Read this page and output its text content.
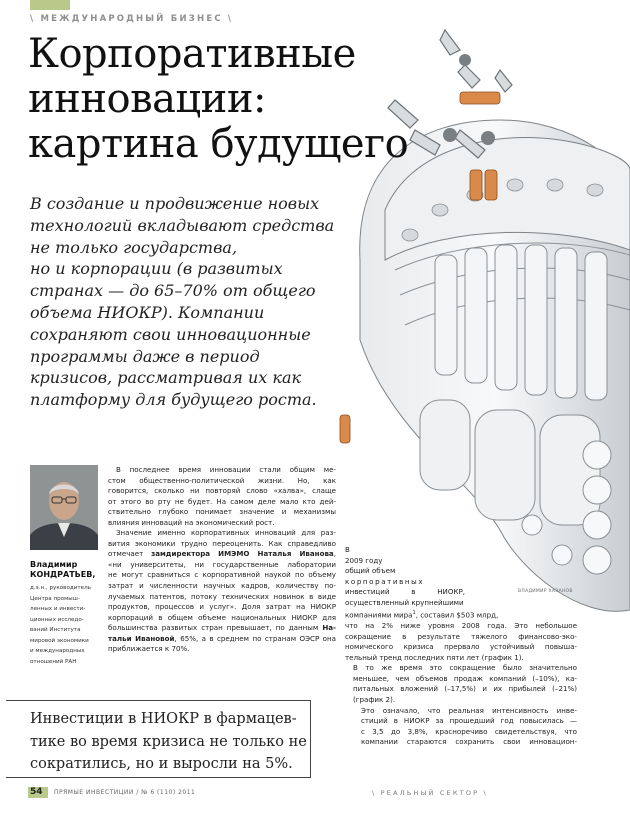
\ МЕЖДУНАРОДНЫЙ БИЗНЕС \
ВЛАДИМИР ХАЗАНОВ
Корпоративные
инновации:
картина будущего
В создание и продвижение новых
технологий вкладывают средства
не только государства,
но и корпорации (в развитых
странах — до 65–70% от общего
объема НИОКР). Компании
сохраняют свои инновационные
программы даже в период
кризисов, рассматривая их как
платформу для будущего роста.
Владимир
КОНДРАТЬЕВ,
д.э.н., руководитель
Центра промыш-
ленных и инвести-
ционных исследо-
ваний Института
мировой экономики
и международных
отношений РАН
В последнее время инновации стали общим ме-
стом общественно-политической жизни. Но, как
говорится, сколько ни повторяй слово «халва», слаще
от этого во рту не будет. На самом деле мало кто дей-
ствительно глубоко понимает значение и механизмы
влияния инноваций на экономический рост.
Значение именно корпоративных инноваций для раз-
вития экономики трудно переоценить. Как справедливо
отмечает замдиректора ИМЭМО Наталья Иванова,
«ни университеты, ни государственные лаборатории
не могут сравниться с корпоративной наукой по объему
затрат и численности научных кадров, количеству по-
лучаемых патентов, потоку технических новинок в виде
продуктов, процессов и услуг». Доля затрат на НИОКР
корпораций в общем объеме национальных НИОКР для
большинства развитых стран превышает, по данным На-
тальи Ивановой, 65%, а в среднем по странам ОЭСР она
приближается к 70%.
В
2009 году
общий объем
корпоративных
инвестиций в НИОКР,
осуществленный крупнейшими
компаниями мира$^1$, составил $503 млрд,
что на 2% ниже уровня 2008 года. Это небольшое
сокращение в результате тяжелого финансово-эко-
номического кризиса прервало устойчивый повыша-
тельный тренд последних пяти лет (график 1).
В то же время это сокращение было значительно
меньшее, чем объемов продаж компаний (–10%), ка-
питальных вложений (–17,5%) и их прибылей (–21%)
(график 2).
Это означало, что реальная интенсивность инве-
стиций в НИОКР за прошедший год повысилась —
с 3,5 до 3,8%, красноречиво свидетельствуя, что
компании стараются сохранить свои инновацион-
Инвестиции в НИОКР в фармацев-
тике во время кризиса не только не
сократились, но и выросли на 5%.
54 ПРЯМЫЕ ИНВЕСТИЦИИ / № 6 (110) 2011	\ РЕАЛЬНЫЙ СЕКТОР \
